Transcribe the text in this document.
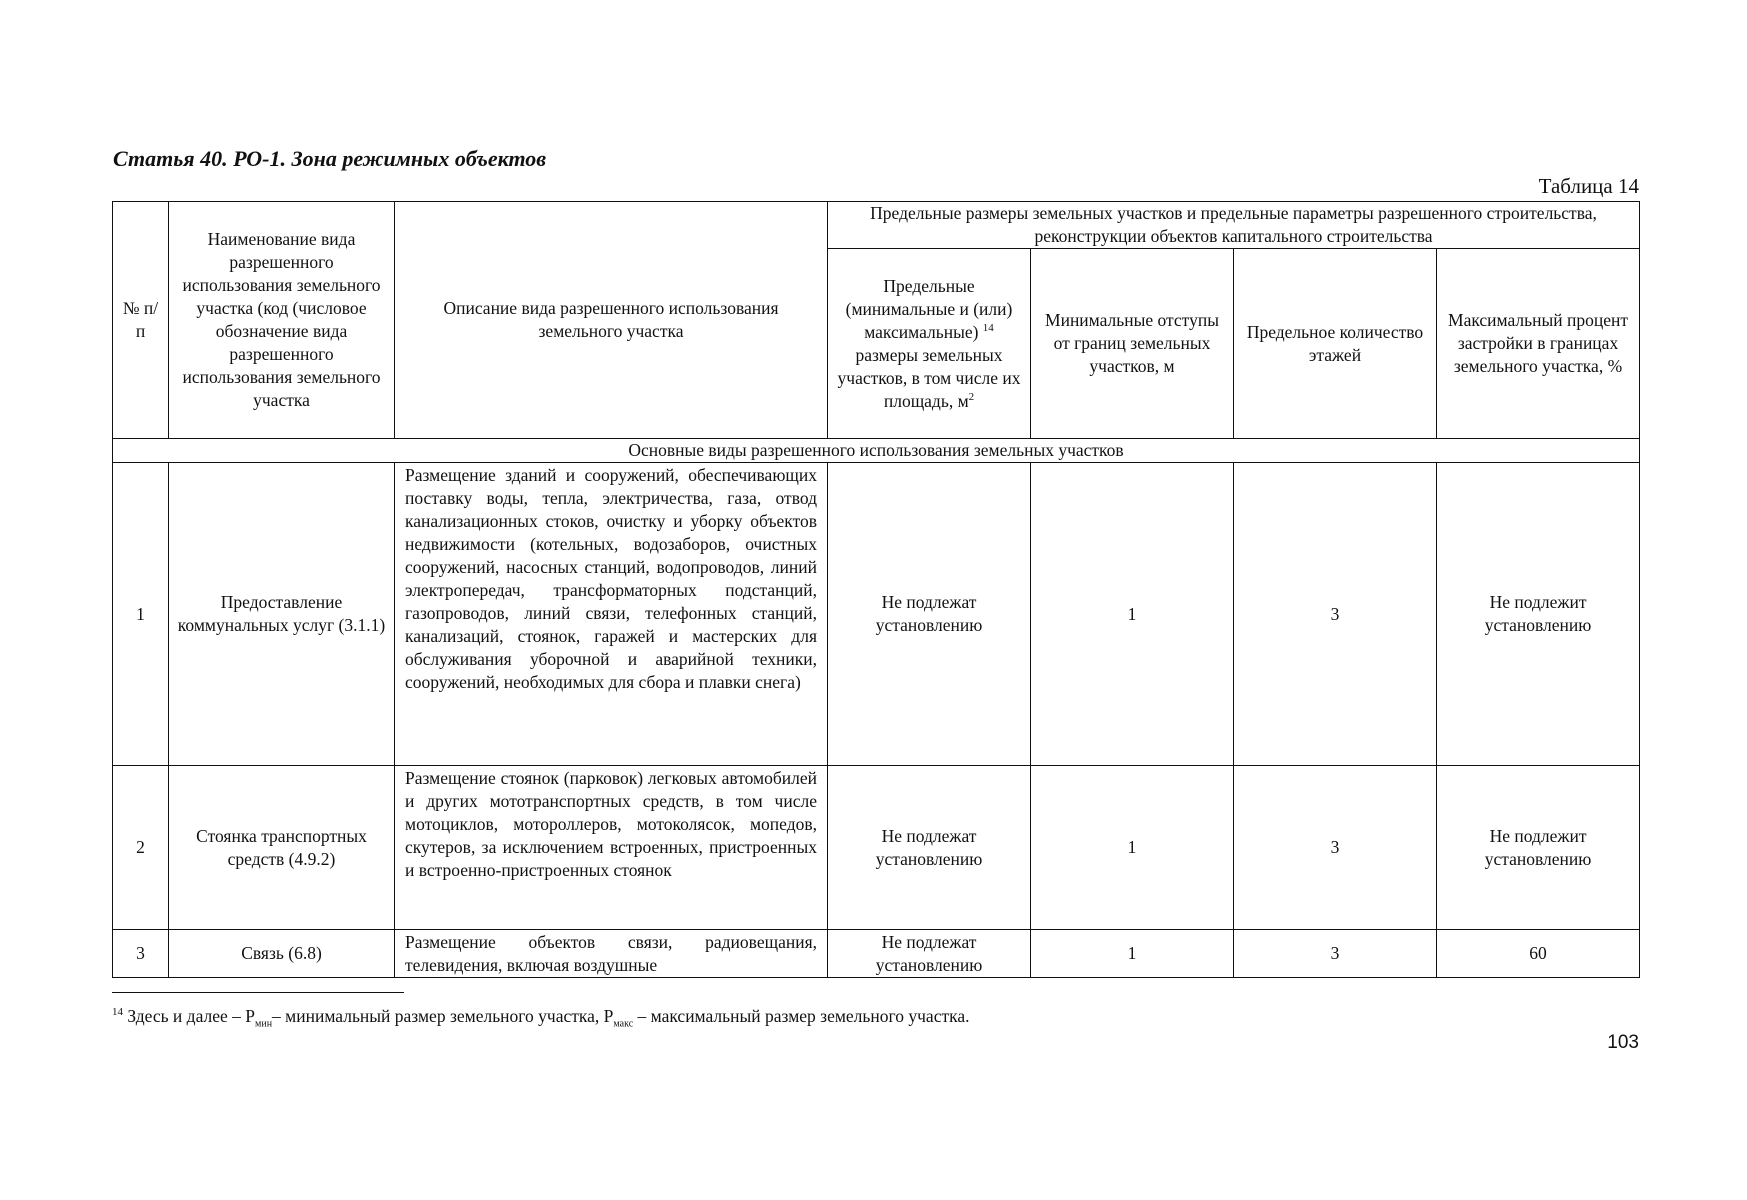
Статья 40. РО-1. Зона режимных объектов
Таблица 14
№ п/п	Наименование вида разрешенного использования земельного участка (код (числовое обозначение вида разрешенного использования земельного участка	Описание вида разрешенного использования земельного участка	Предельные размеры земельных участков и предельные параметры разрешенного строительства, реконструкции объектов капитального строительства			
			Предельные (минимальные и (или) максимальные) $^{14}$ размеры земельных участков, в том числе их площадь, $м^2$	Минимальные отступы от границ земельных участков, м	Предельное количество этажей	Максимальный процент застройки в границах земельного участка, %
Основные виды разрешенного использования земельных участков						
1	Предоставление коммунальных услуг (3.1.1)	Размещение зданий и сооружений, обеспечивающих поставку воды, тепла, электричества, газа, отвод канализационных стоков, очистку и уборку объектов недвижимости (котельных, водозаборов, очистных сооружений, насосных станций, водопроводов, линий электропередач, трансформаторных подстанций, газопроводов, линий связи, телефонных станций, канализаций, стоянок, гаражей и мастерских для обслуживания уборочной и аварийной техники, сооружений, необходимых для сбора и плавки снега)	Не подлежат установлению	1	3	Не подлежит установлению
2	Стоянка транспортных средств (4.9.2)	Размещение стоянок (парковок) легковых автомобилей и других мототранспортных средств, в том числе мотоциклов, мотороллеров, мотоколясок, мопедов, скутеров, за исключением встроенных, пристроенных и встроенно-пристроенных стоянок	Не подлежат установлению	1	3	Не подлежит установлению
3	Связь (6.8)	Размещение объектов связи, радиовещания, телевидения, включая воздушные	Не подлежат установлению	1	3	60
$^{14}$ Здесь и далее – $Р_{мин}-$ минимальный размер земельного участка, $Р_{макс}$ – максимальный размер земельного участка.
103
